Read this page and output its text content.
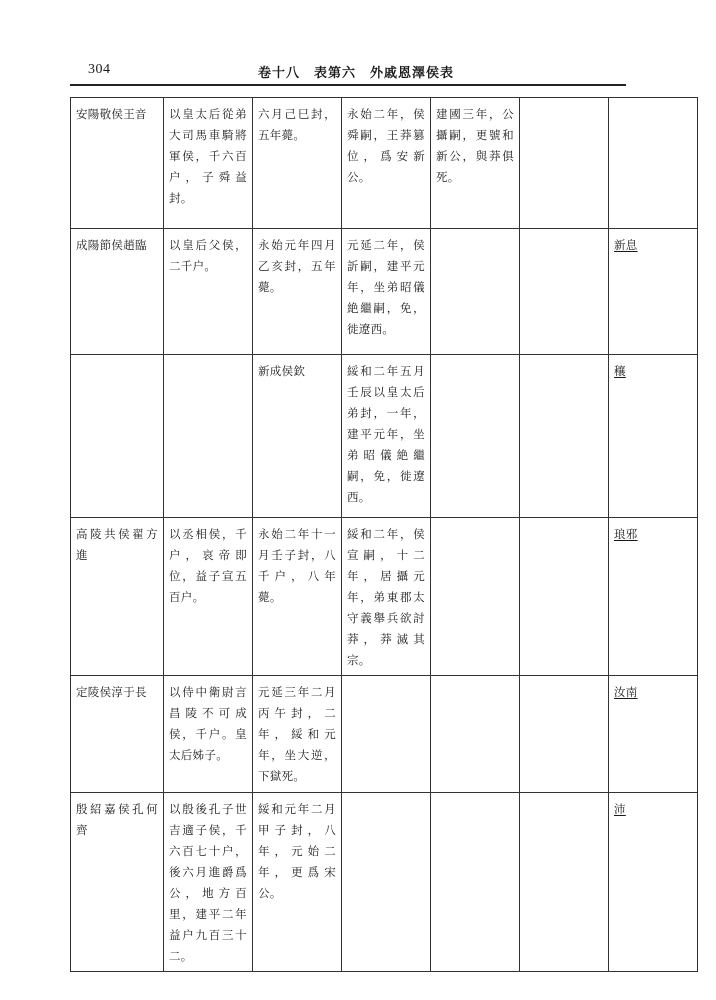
304	卷十八　表第六　外戚恩澤侯表
安陽敬侯王音	以皇太后從弟大司馬車騎將軍侯，千六百户，子舜益封。	六月己巳封，五年薨。	永始二年，侯舜嗣，王莽篡位，爲安新公。	建國三年，公攝嗣，更號和新公，與莽俱死。		
成陽節侯趙臨	以皇后父侯，二千户。	永始元年四月乙亥封，五年薨。	元延二年，侯訢嗣，建平元年，坐弟昭儀絶繼嗣，免，徙遼西。			新息
		新成侯欽	綏和二年五月壬辰以皇太后弟封，一年，建平元年，坐弟昭儀絶繼嗣，免，徙遼西。			穰
高陵共侯翟方進	以丞相侯，千户，哀帝即位，益子宣五百户。	永始二年十一月壬子封，八千户，八年薨。	綏和二年，侯宣嗣，十二年，居攝元年，弟東郡太守義舉兵欲討莽，莽滅其宗。			琅邪
定陵侯淳于長	以侍中衛尉言昌陵不可成侯，千户。皇太后姊子。	元延三年二月丙午封，二年，綏和元年，坐大逆，下獄死。				汝南
殷紹嘉侯孔何齊	以殷後孔子世吉適子侯，千六百七十户，後六月進爵爲公，地方百里，建平二年益户九百三十二。	綏和元年二月甲子封，八年，元始二年，更爲宋公。				沛
